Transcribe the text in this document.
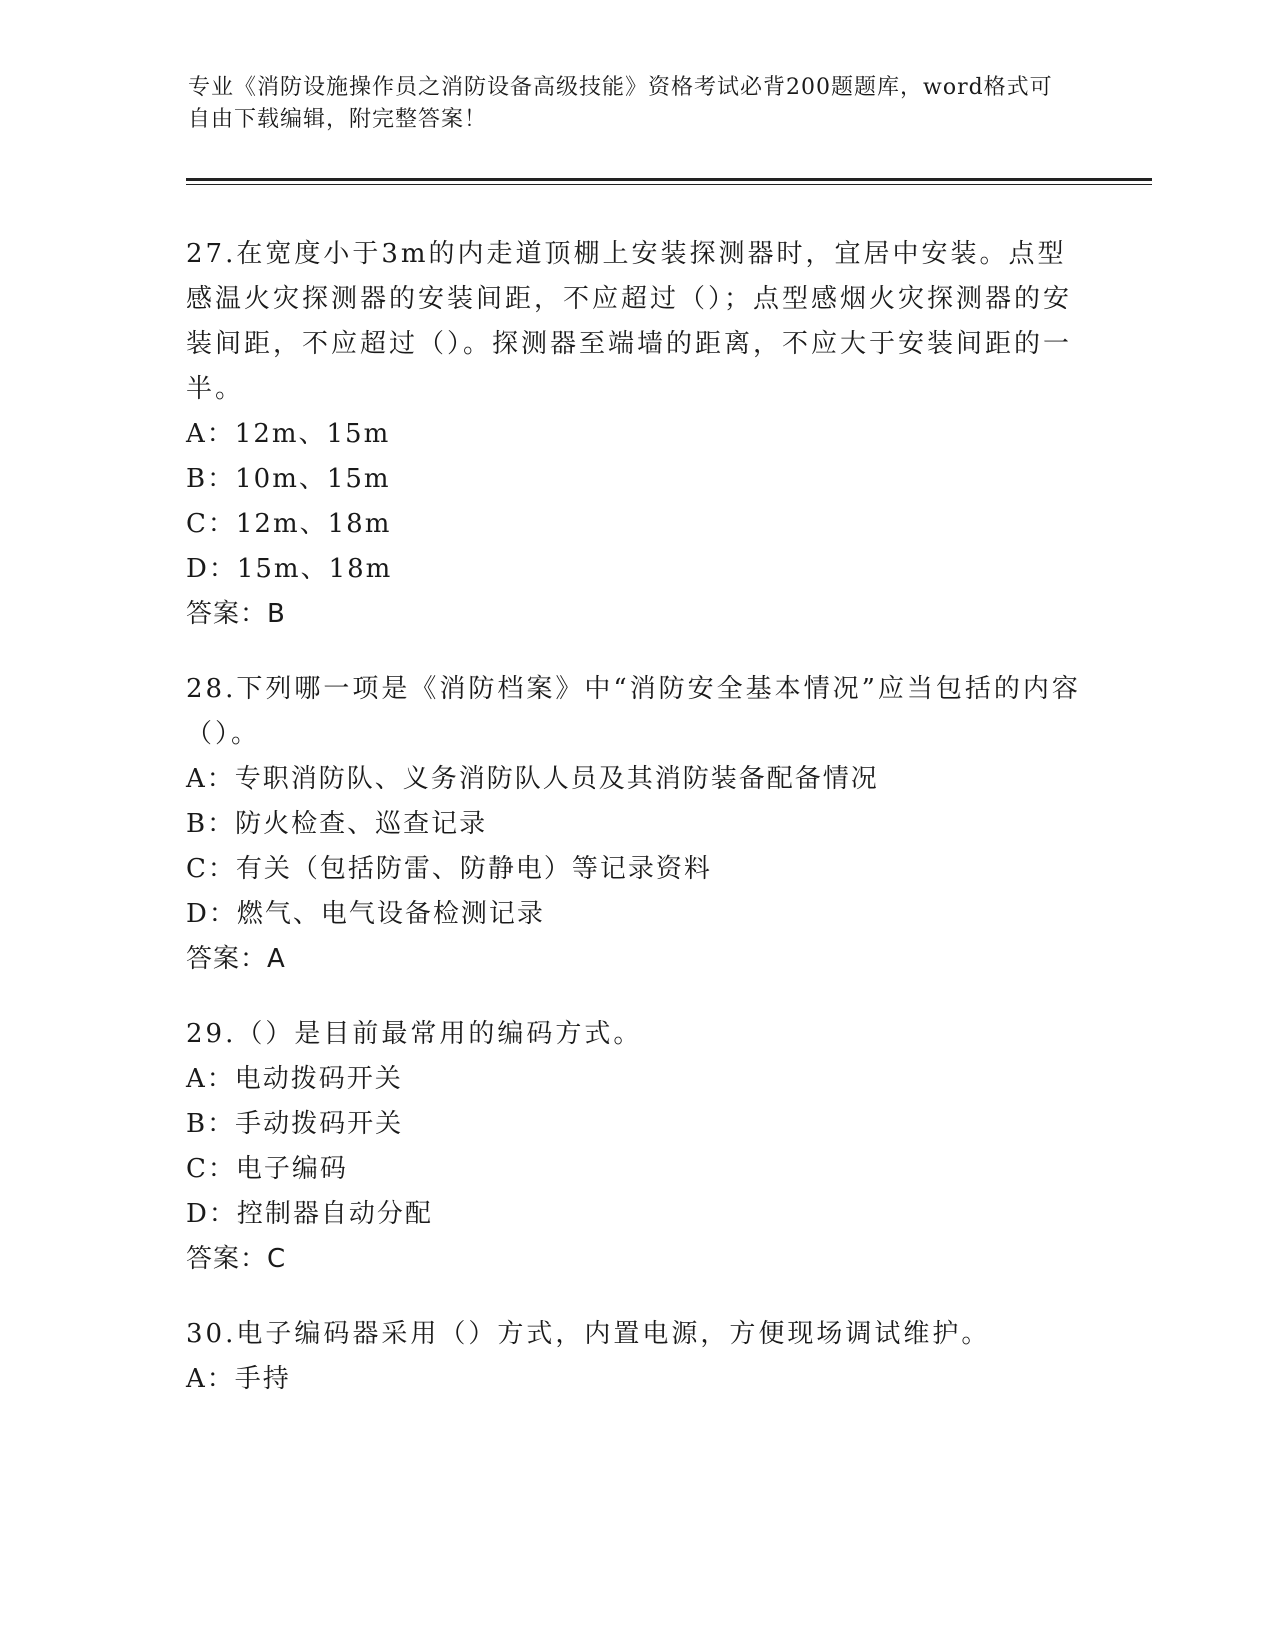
专业《消防设施操作员之消防设备高级技能》资格考试必背200题题库，word格式可自由下载编辑，附完整答案！
27.在宽度小于3m的内走道顶棚上安装探测器时，宜居中安装。点型感温火灾探测器的安装间距，不应超过（）；点型感烟火灾探测器的安装间距，不应超过（）。探测器至端墙的距离，不应大于安装间距的一半。
A：12m、15m
B：10m、15m
C：12m、18m
D：15m、18m
答案：B
28.下列哪一项是《消防档案》中“消防安全基本情况”应当包括的内容（）。
A：专职消防队、义务消防队人员及其消防装备配备情况
B：防火检查、巡查记录
C：有关（包括防雷、防静电）等记录资料
D：燃气、电气设备检测记录
答案：A
29.（）是目前最常用的编码方式。
A：电动拨码开关
B：手动拨码开关
C：电子编码
D：控制器自动分配
答案：C
30.电子编码器采用（）方式，内置电源，方便现场调试维护。
A：手持
